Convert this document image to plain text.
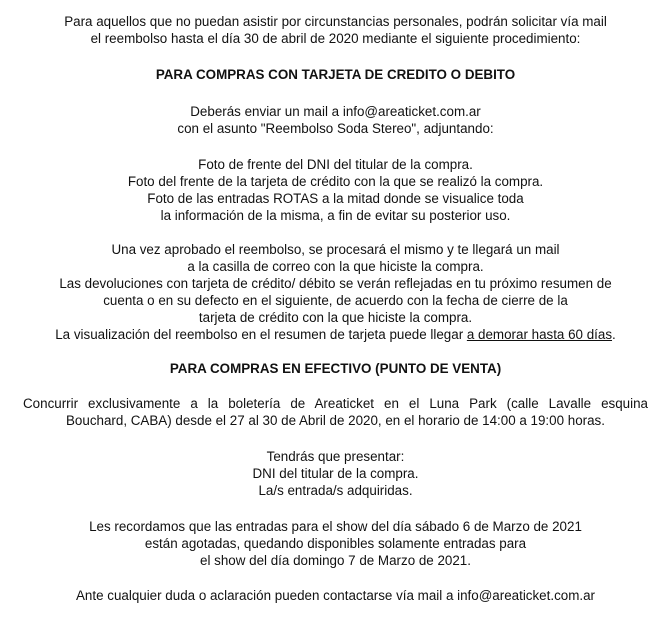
Para aquellos que no puedan asistir por circunstancias personales, podrán solicitar vía mail
el reembolso hasta el día 30 de abril de 2020 mediante el siguiente procedimiento:
PARA COMPRAS CON TARJETA DE CREDITO O DEBITO
Deberás enviar un mail a info@areaticket.com.ar
con el asunto "Reembolso Soda Stereo", adjuntando:
Foto de frente del DNI del titular de la compra.
Foto del frente de la tarjeta de crédito con la que se realizó la compra.
Foto de las entradas ROTAS a la mitad donde se visualice toda
la información de la misma, a fin de evitar su posterior uso.
Una vez aprobado el reembolso, se procesará el mismo y te llegará un mail
a la casilla de correo con la que hiciste la compra.
Las devoluciones con tarjeta de crédito/ débito se verán reflejadas en tu próximo resumen de
cuenta o en su defecto en el siguiente, de acuerdo con la fecha de cierre de la
tarjeta de crédito con la que hiciste la compra.
La visualización del reembolso en el resumen de tarjeta puede llegar a demorar hasta 60 días.
PARA COMPRAS EN EFECTIVO (PUNTO DE VENTA)
Concurrir exclusivamente a la boletería de Areaticket en el Luna Park (calle Lavalle esquina
Bouchard, CABA) desde el 27 al 30 de Abril de 2020, en el horario de 14:00 a 19:00 horas.
Tendrás que presentar:
DNI del titular de la compra.
La/s entrada/s adquiridas.
Les recordamos que las entradas para el show del día sábado 6 de Marzo de 2021
están agotadas, quedando disponibles solamente entradas para
el show del día domingo 7 de Marzo de 2021.
Ante cualquier duda o aclaración pueden contactarse vía mail a info@areaticket.com.ar
